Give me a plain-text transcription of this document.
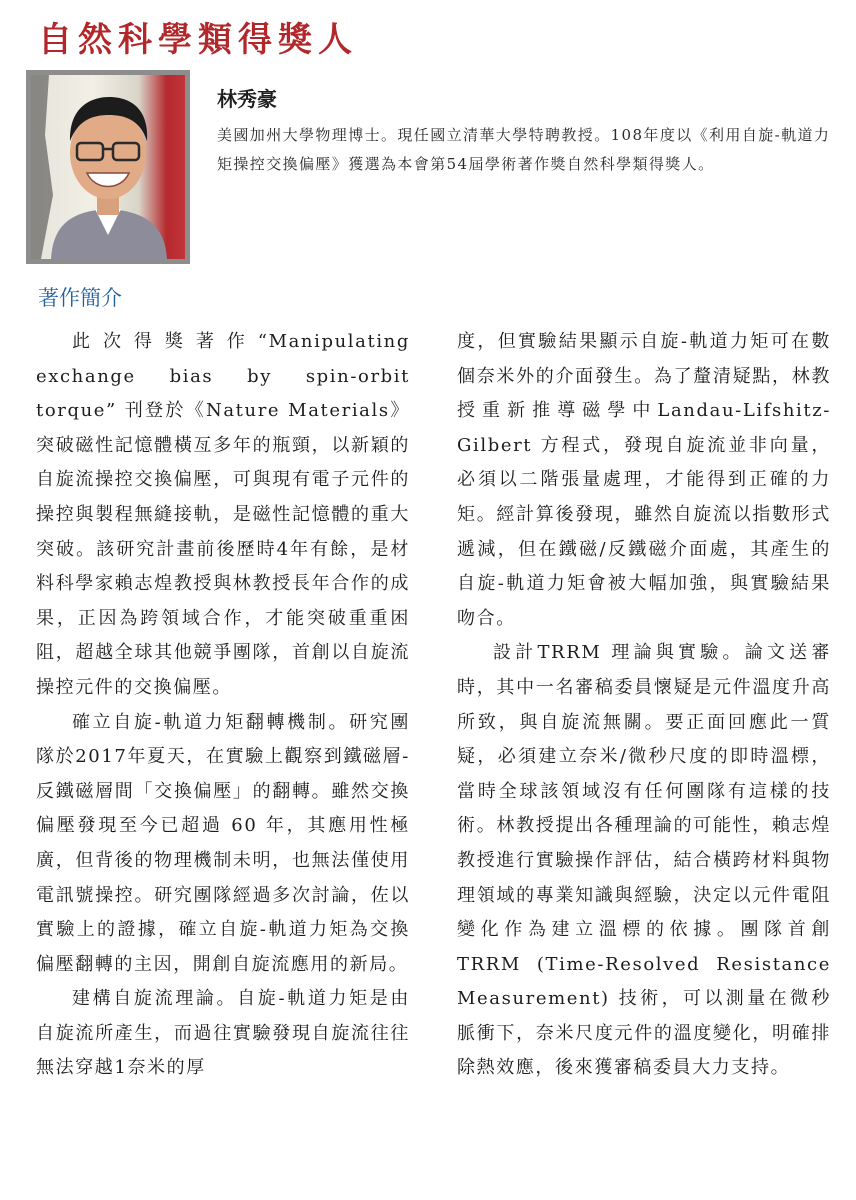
自然科學類得獎人
林秀豪

美國加州大學物理博士。現任國立清華大學特聘教授。108年度以《利用自旋-軌道力矩操控交換偏壓》獲選為本會第54屆學術著作獎自然科學類得獎人。

著作簡介

此次得獎著作“Manipulating exchange bias by spin-orbit torque” 刊登於《Nature Materials》突破磁性記憶體橫亙多年的瓶頸，以新穎的自旋流操控交換偏壓，可與現有電子元件的操控與製程無縫接軌，是磁性記憶體的重大突破。該研究計畫前後歷時4年有餘，是材料科學家賴志煌教授與林教授長年合作的成果，正因為跨領域合作，才能突破重重困阻，超越全球其他競爭團隊，首創以自旋流操控元件的交換偏壓。

確立自旋-軌道力矩翻轉機制。研究團隊於2017年夏天，在實驗上觀察到鐵磁層-反鐵磁層間「交換偏壓」的翻轉。雖然交換偏壓發現至今已超過 60 年，其應用性極廣，但背後的物理機制未明，也無法僅使用電訊號操控。研究團隊經過多次討論，佐以實驗上的證據，確立自旋-軌道力矩為交換偏壓翻轉的主因，開創自旋流應用的新局。

建構自旋流理論。自旋-軌道力矩是由自旋流所產生，而過往實驗發現自旋流往往無法穿越1奈米的厚

度，但實驗結果顯示自旋-軌道力矩可在數個奈米外的介面發生。為了釐清疑點，林教授重新推導磁學中Landau-Lifshitz-Gilbert 方程式，發現自旋流並非向量，必須以二階張量處理，才能得到正確的力矩。經計算後發現，雖然自旋流以指數形式遞減，但在鐵磁/反鐵磁介面處，其產生的自旋-軌道力矩會被大幅加強，與實驗結果吻合。

設計TRRM 理論與實驗。論文送審時，其中一名審稿委員懷疑是元件溫度升高所致，與自旋流無關。要正面回應此一質疑，必須建立奈米/微秒尺度的即時溫標，當時全球該領域沒有任何團隊有這樣的技術。林教授提出各種理論的可能性，賴志煌教授進行實驗操作評估，結合橫跨材料與物理領域的專業知識與經驗，決定以元件電阻變化作為建立溫標的依據。團隊首創TRRM (Time-Resolved Resistance Measurement) 技術，可以測量在微秒脈衝下，奈米尺度元件的溫度變化，明確排除熱效應，後來獲審稿委員大力支持。
